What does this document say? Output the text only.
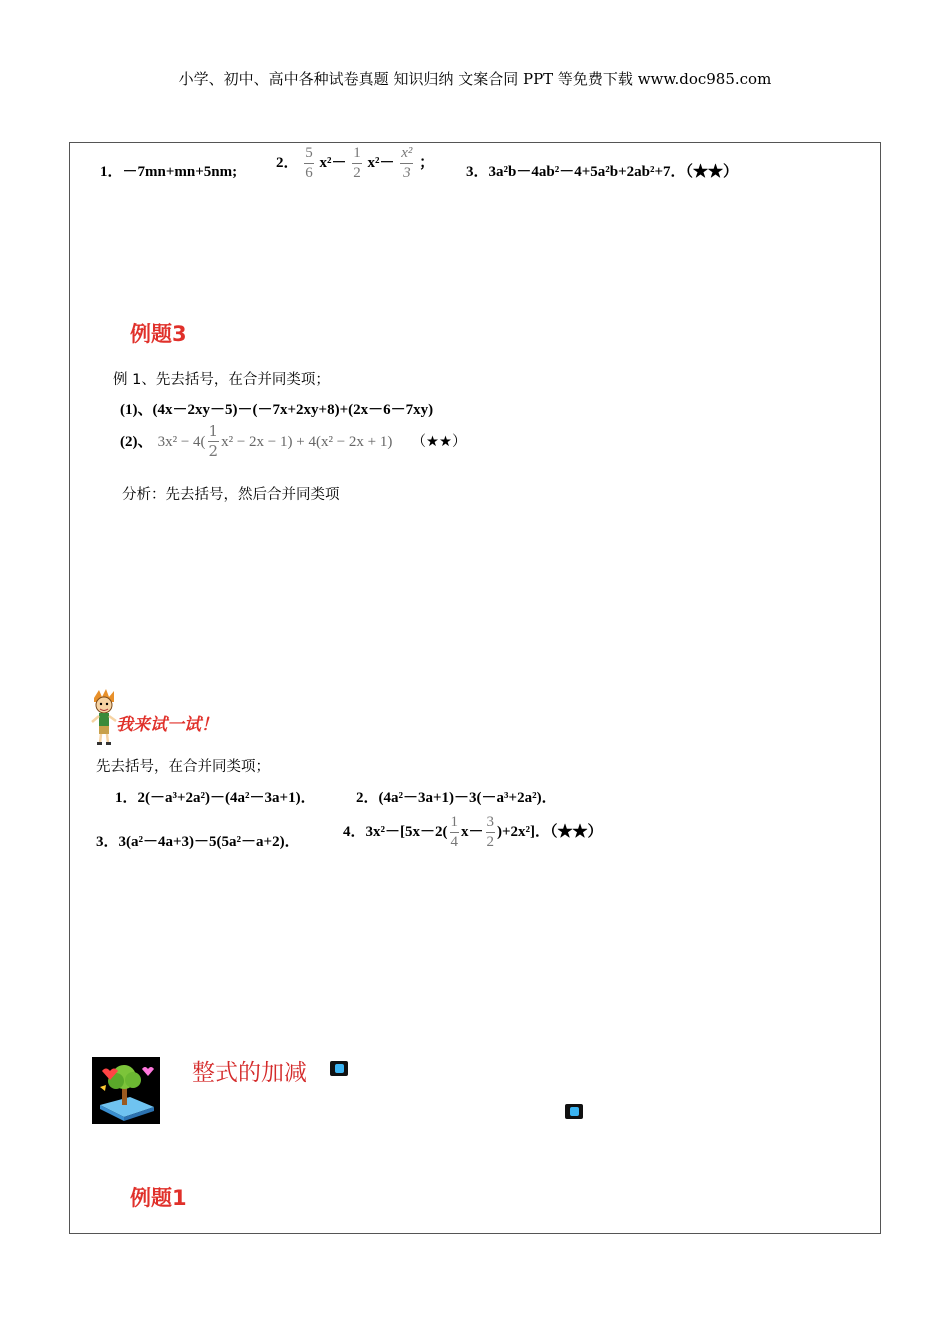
小学、初中、高中各种试卷真题 知识归纳 文案合同 PPT 等免费下载 www.doc985.com
1．－7mn+mn+5nm;
2． $\frac{5}{6} x^2- \frac{1}{2} x^2- \frac{\text{x²}}{3}$ ；
3．3a²b－4ab²－4+5a²b+2ab²+7．（★★）
例题3
例 1、先去括号，在合并同类项；
(1)、(4x－2xy－5)－(－7x+2xy+8)+(2x－6－7xy)
(2)、 $3x^2 - 4( \frac{1}{2} x^2 - 2x - 1) + 4(x^2 - 2x + 1)$ （★★）
分析：先去括号，然后合并同类项
我来试一试！
先去括号，在合并同类项；
1．2(－a³+2a²)－(4a²－3a+1)．	2．(4a²－3a+1)－3(－a³+2a²)．
3．3(a²－4a+3)－5(5a²－a+2)．
4．$3x^2-[5x-2( \frac{1}{4} x- \frac{3}{2} )+2x^2]$．（★★）
整式的加减
例题1
